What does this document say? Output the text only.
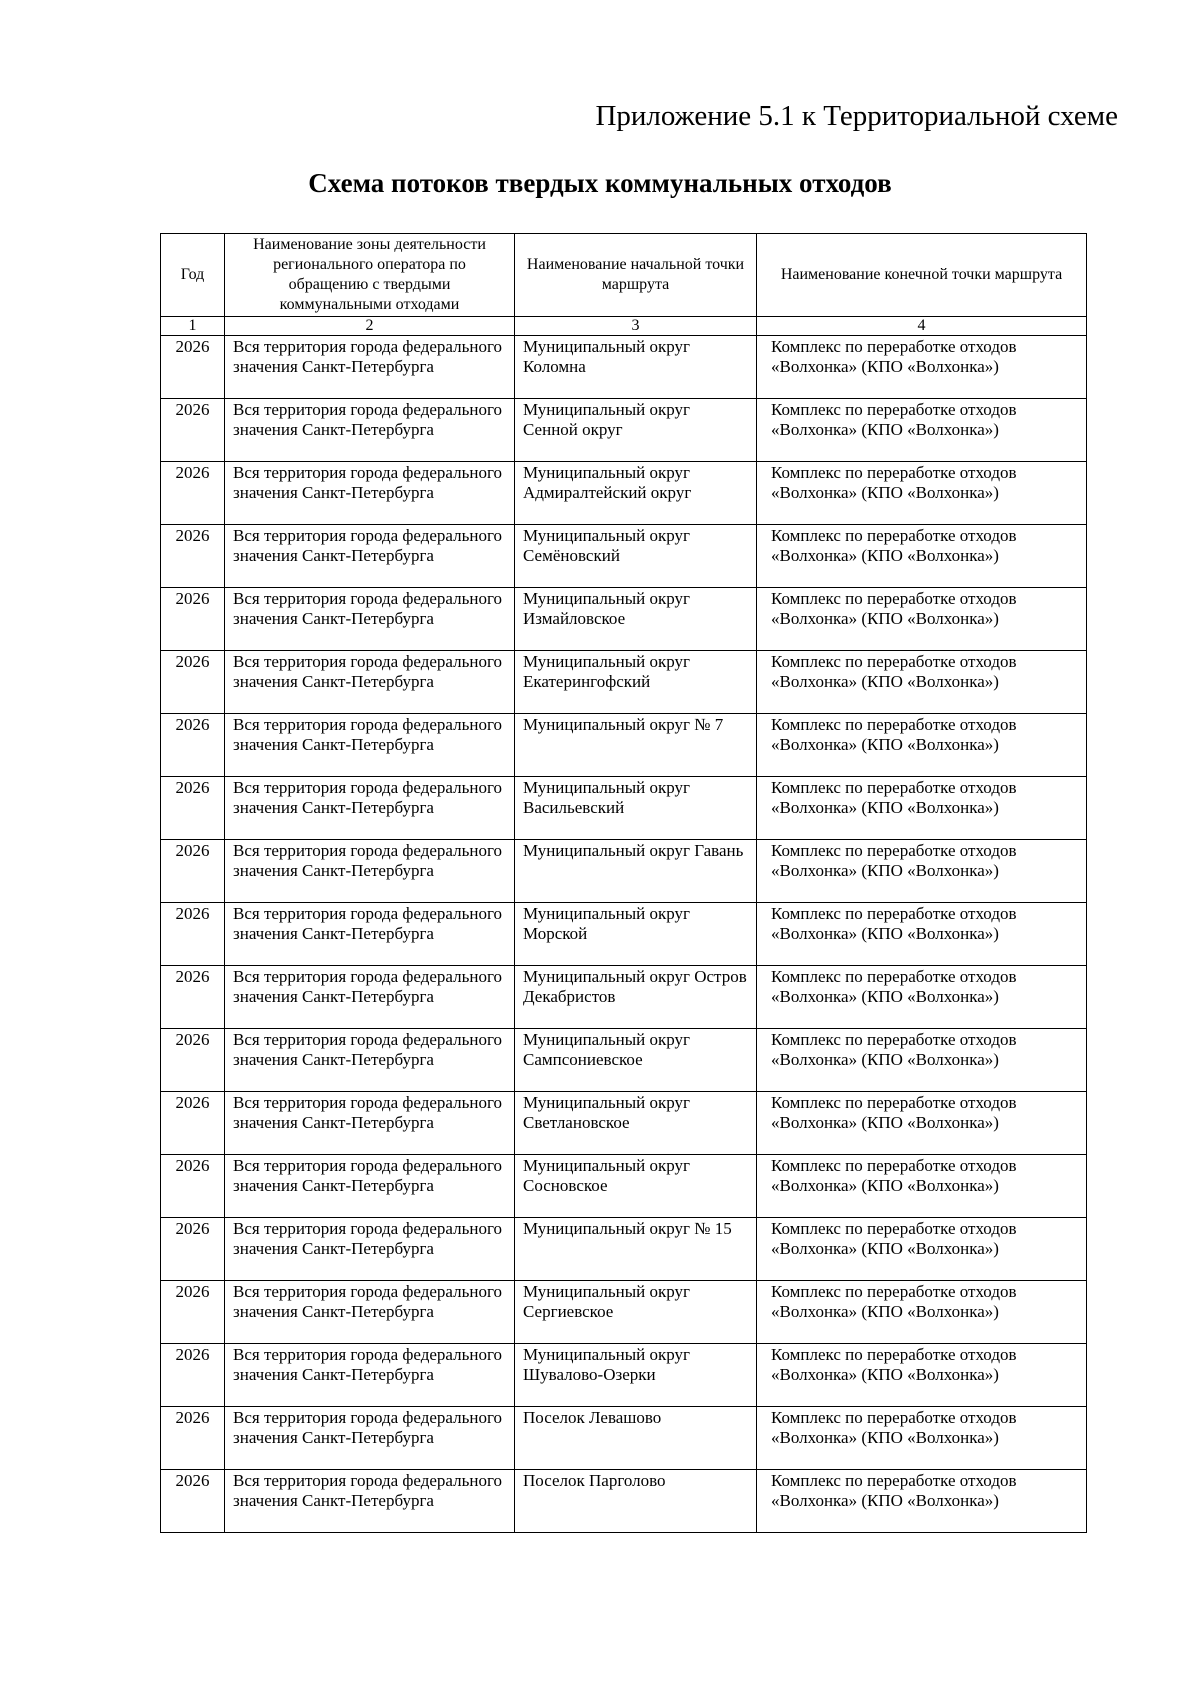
Приложение 5.1 к Территориальной схеме
Схема потоков твердых коммунальных отходов
Год	Наименование зоны деятельности регионального оператора по обращению с твердыми коммунальными отходами	Наименование начальной точки маршрута	Наименование конечной точки маршрута
1	2	3	4
2026	Вся территория города федерального значения Санкт-Петербурга	Муниципальный округ Коломна	Комплекс по переработке отходов «Волхонка» (КПО «Волхонка»)
2026	Вся территория города федерального значения Санкт-Петербурга	Муниципальный округ Сенной округ	Комплекс по переработке отходов «Волхонка» (КПО «Волхонка»)
2026	Вся территория города федерального значения Санкт-Петербурга	Муниципальный округ Адмиралтейский округ	Комплекс по переработке отходов «Волхонка» (КПО «Волхонка»)
2026	Вся территория города федерального значения Санкт-Петербурга	Муниципальный округ Семёновский	Комплекс по переработке отходов «Волхонка» (КПО «Волхонка»)
2026	Вся территория города федерального значения Санкт-Петербурга	Муниципальный округ Измайловское	Комплекс по переработке отходов «Волхонка» (КПО «Волхонка»)
2026	Вся территория города федерального значения Санкт-Петербурга	Муниципальный округ Екатерингофский	Комплекс по переработке отходов «Волхонка» (КПО «Волхонка»)
2026	Вся территория города федерального значения Санкт-Петербурга	Муниципальный округ № 7	Комплекс по переработке отходов «Волхонка» (КПО «Волхонка»)
2026	Вся территория города федерального значения Санкт-Петербурга	Муниципальный округ Васильевский	Комплекс по переработке отходов «Волхонка» (КПО «Волхонка»)
2026	Вся территория города федерального значения Санкт-Петербурга	Муниципальный округ Гавань	Комплекс по переработке отходов «Волхонка» (КПО «Волхонка»)
2026	Вся территория города федерального значения Санкт-Петербурга	Муниципальный округ Морской	Комплекс по переработке отходов «Волхонка» (КПО «Волхонка»)
2026	Вся территория города федерального значения Санкт-Петербурга	Муниципальный округ Остров Декабристов	Комплекс по переработке отходов «Волхонка» (КПО «Волхонка»)
2026	Вся территория города федерального значения Санкт-Петербурга	Муниципальный округ Сампсониевское	Комплекс по переработке отходов «Волхонка» (КПО «Волхонка»)
2026	Вся территория города федерального значения Санкт-Петербурга	Муниципальный округ Светлановское	Комплекс по переработке отходов «Волхонка» (КПО «Волхонка»)
2026	Вся территория города федерального значения Санкт-Петербурга	Муниципальный округ Сосновское	Комплекс по переработке отходов «Волхонка» (КПО «Волхонка»)
2026	Вся территория города федерального значения Санкт-Петербурга	Муниципальный округ № 15	Комплекс по переработке отходов «Волхонка» (КПО «Волхонка»)
2026	Вся территория города федерального значения Санкт-Петербурга	Муниципальный округ Сергиевское	Комплекс по переработке отходов «Волхонка» (КПО «Волхонка»)
2026	Вся территория города федерального значения Санкт-Петербурга	Муниципальный округ Шувалово-Озерки	Комплекс по переработке отходов «Волхонка» (КПО «Волхонка»)
2026	Вся территория города федерального значения Санкт-Петербурга	Поселок Левашово	Комплекс по переработке отходов «Волхонка» (КПО «Волхонка»)
2026	Вся территория города федерального значения Санкт-Петербурга	Поселок Парголово	Комплекс по переработке отходов «Волхонка» (КПО «Волхонка»)
